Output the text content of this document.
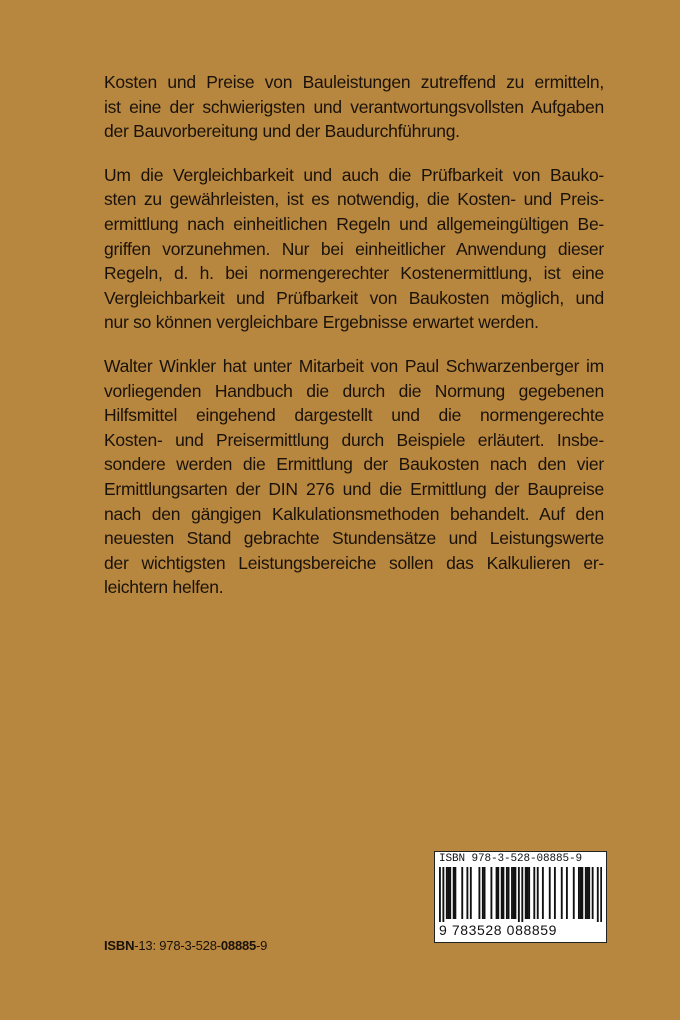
Kosten und Preise von Bauleistungen zutreffend zu ermitteln,
ist eine der schwierigsten und verantwortungsvollsten Aufgaben
der Bauvorbereitung und der Baudurchführung.

Um die Vergleichbarkeit und auch die Prüfbarkeit von Bauko-
sten zu gewährleisten, ist es notwendig, die Kosten- und Preis-
ermittlung nach einheitlichen Regeln und allgemeingültigen Be-
griffen vorzunehmen. Nur bei einheitlicher Anwendung dieser
Regeln, d. h. bei normengerechter Kostenermittlung, ist eine
Vergleichbarkeit und Prüfbarkeit von Baukosten möglich, und
nur so können vergleichbare Ergebnisse erwartet werden.

Walter Winkler hat unter Mitarbeit von Paul Schwarzenberger im
vorliegenden Handbuch die durch die Normung gegebenen
Hilfsmittel eingehend dargestellt und die normengerechte
Kosten- und Preisermittlung durch Beispiele erläutert. Insbe-
sondere werden die Ermittlung der Baukosten nach den vier
Ermittlungsarten der DIN 276 und die Ermittlung der Baupreise
nach den gängigen Kalkulationsmethoden behandelt. Auf den
neuesten Stand gebrachte Stundensätze und Leistungswerte
der wichtigsten Leistungsbereiche sollen das Kalkulieren er-
leichtern helfen.

ISBN 978-3-528-08885-9
9 783528 088859
ISBN-13: 978-3-528-08885-9
